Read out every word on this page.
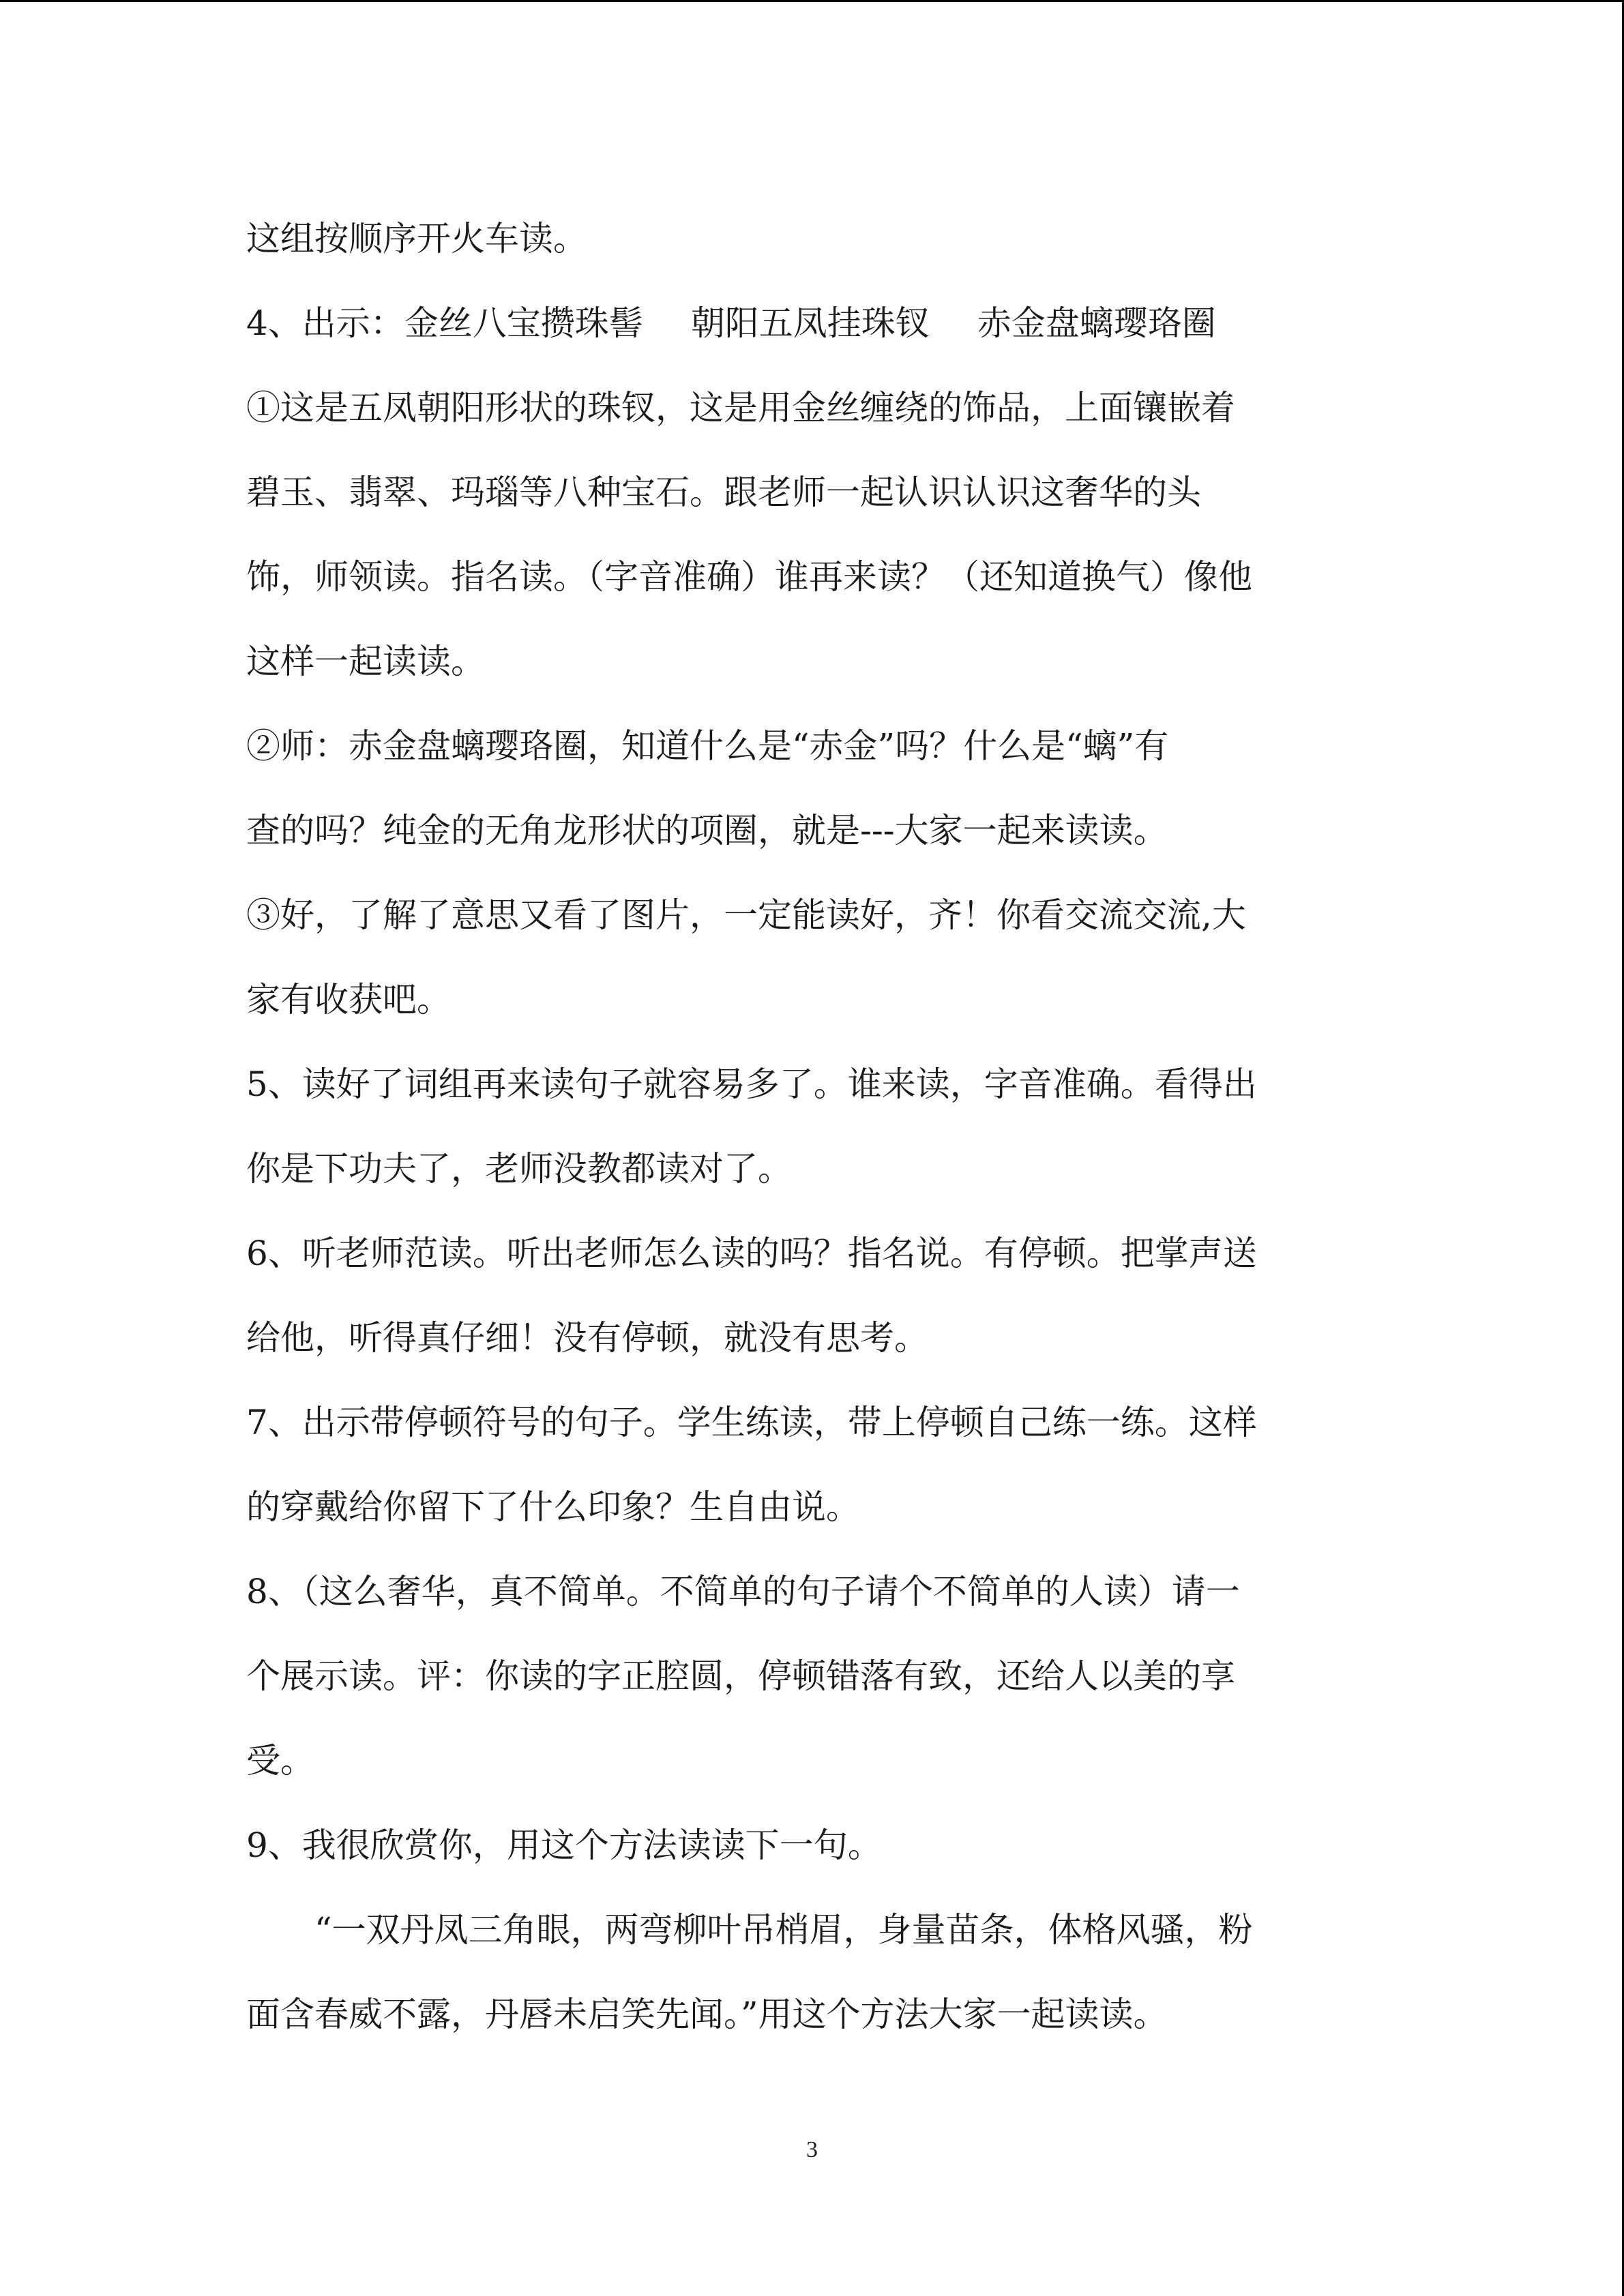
这组按顺序开火车读。
4、出示：金丝八宝攒珠髻 朝阳五凤挂珠钗 赤金盘螭璎珞圈
①这是五凤朝阳形状的珠钗，这是用金丝缠绕的饰品，上面镶嵌着
碧玉、翡翠、玛瑙等八种宝石。跟老师一起认识认识这奢华的头
饰，师领读。指名读。（字音准确）谁再来读？（还知道换气）像他
这样一起读读。
②师：赤金盘螭璎珞圈，知道什么是“赤金”吗？什么是“螭”有
查的吗？纯金的无角龙形状的项圈，就是---大家一起来读读。
③好，了解了意思又看了图片，一定能读好，齐！你看交流交流,大
家有收获吧。
5、读好了词组再来读句子就容易多了。谁来读，字音准确。看得出
你是下功夫了，老师没教都读对了。
6、听老师范读。听出老师怎么读的吗？指名说。有停顿。把掌声送
给他，听得真仔细！没有停顿，就没有思考。
7、出示带停顿符号的句子。学生练读，带上停顿自己练一练。这样
的穿戴给你留下了什么印象？生自由说。
8、（这么奢华，真不简单。不简单的句子请个不简单的人读）请一
个展示读。评：你读的字正腔圆，停顿错落有致，还给人以美的享
受。
9、我很欣赏你，用这个方法读读下一句。
“一双丹凤三角眼，两弯柳叶吊梢眉，身量苗条，体格风骚，粉
面含春威不露，丹唇未启笑先闻。”用这个方法大家一起读读。
3
